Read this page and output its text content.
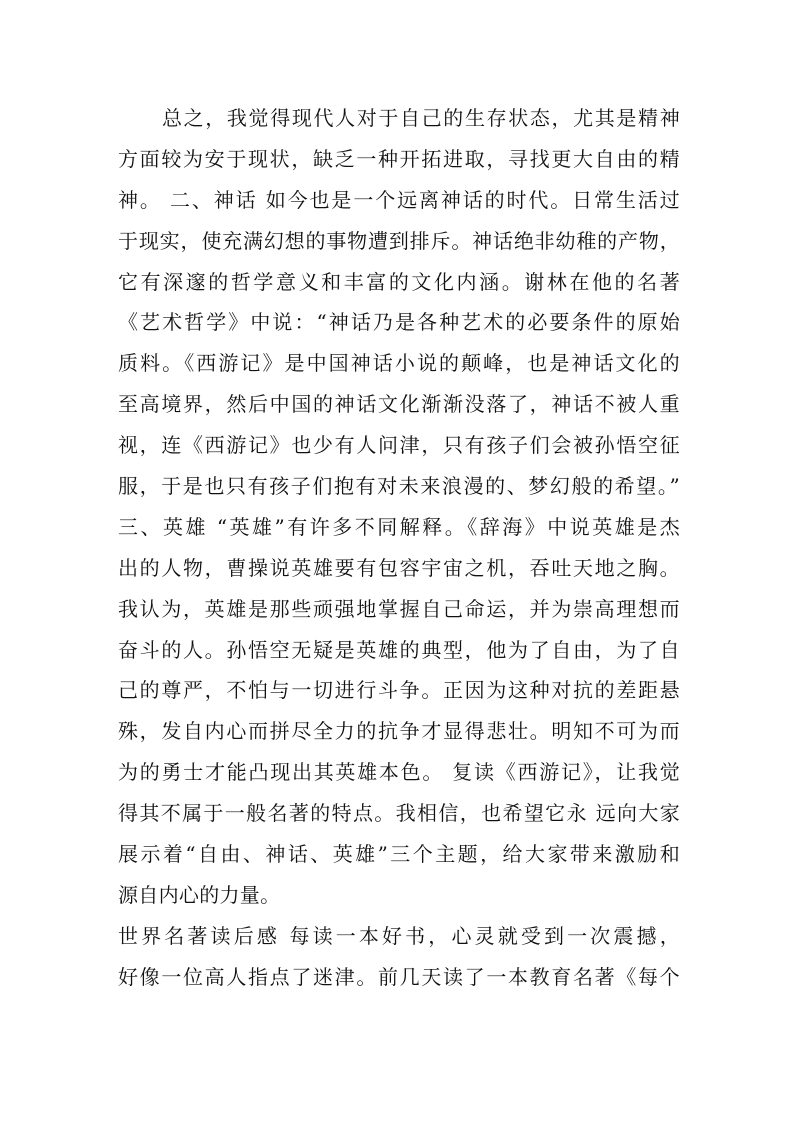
总之，我觉得现代人对于自己的生存状态，尤其是精神
方面较为安于现状，缺乏一种开拓进取，寻找更大自由的精
神。 二、神话 如今也是一个远离神话的时代。日常生活过
于现实，使充满幻想的事物遭到排斥。神话绝非幼稚的产物，
它有深邃的哲学意义和丰富的文化内涵。谢林在他的名著
《艺术哲学》中说：“神话乃是各种艺术的必要条件的原始
质料。《西游记》是中国神话小说的颠峰，也是神话文化的
至高境界，然后中国的神话文化渐渐没落了，神话不被人重
视，连《西游记》也少有人问津，只有孩子们会被孙悟空征
服，于是也只有孩子们抱有对未来浪漫的、梦幻般的希望。”
三、英雄 “英雄”有许多不同解释。《辞海》中说英雄是杰
出的人物，曹操说英雄要有包容宇宙之机，吞吐天地之胸。
我认为，英雄是那些顽强地掌握自己命运，并为崇高理想而
奋斗的人。孙悟空无疑是英雄的典型，他为了自由，为了自
己的尊严，不怕与一切进行斗争。正因为这种对抗的差距悬
殊，发自内心而拼尽全力的抗争才显得悲壮。明知不可为而
为的勇士才能凸现出其英雄本色。 复读《西游记》，让我觉
得其不属于一般名著的特点。我相信，也希望它永 远向大家
展示着“自由、神话、英雄”三个主题，给大家带来激励和
源自内心的力量。
世界名著读后感 每读一本好书，心灵就受到一次震撼，
好像一位高人指点了迷津。前几天读了一本教育名著《每个
